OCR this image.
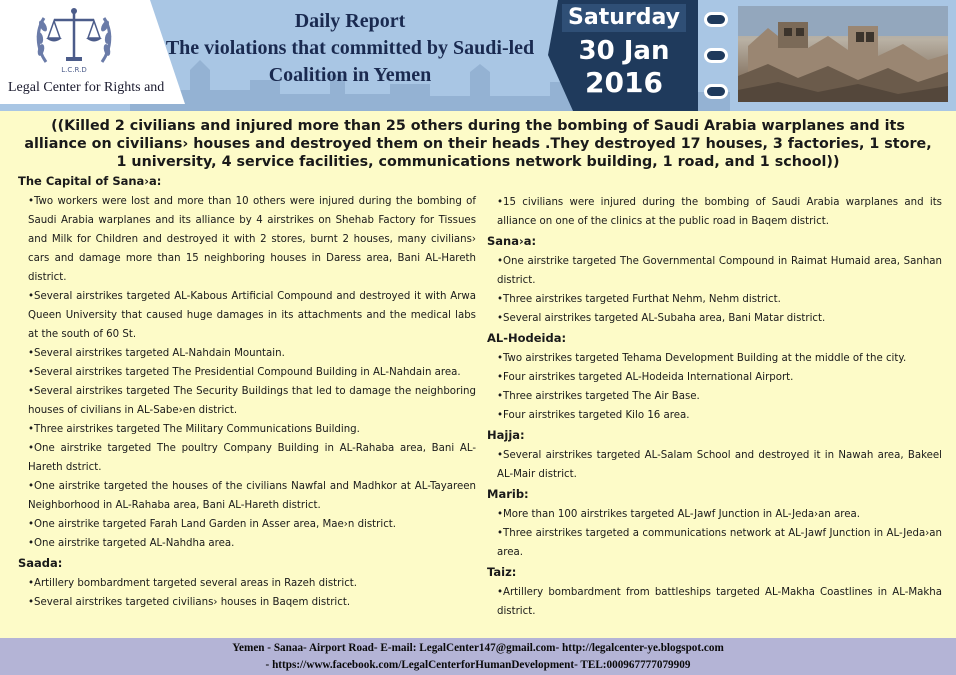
L.C.R.D
Legal Center for Rights and
Daily Report
The violations that committed by Saudi-led
Coalition in Yemen
Saturday
30 Jan
2016
((Killed 2 civilians and injured more than 25 others during the bombing of Saudi Arabia warplanes and its alliance on civilians› houses and destroyed them on their heads .They destroyed 17 houses, 3 factories, 1 store, 1 university, 4 service facilities, communications network building, 1 road, and 1 school))
The Capital of Sana›a:

•Two workers were lost and more than 10 others were injured during the bombing of Saudi Arabia warplanes and its alliance by 4 airstrikes on Shehab Factory for Tissues and Milk for Children and destroyed it with 2 stores, burnt 2 houses, many civilians› cars and damage more than 15 neighboring houses in Daress area, Bani AL-Hareth district.

•Several airstrikes targeted AL-Kabous Artificial Compound and destroyed it with Arwa Queen University that caused huge damages in its attachments and the medical labs at the south of 60 St.

•Several airstrikes targeted AL-Nahdain Mountain.

•Several airstrikes targeted The Presidential Compound Building in AL-Nahdain area.

•Several airstrikes targeted The Security Buildings that led to damage the neighboring houses of civilians in AL-Sabe›en district.

•Three airstrikes targeted The Military Communications Building.

•One airstrike targeted The poultry Company Building in AL-Rahaba area, Bani AL-Hareth dstrict.

•One airstrike targeted the houses of the civilians Nawfal and Madhkor at AL-Tayareen Neighborhood in AL-Rahaba area, Bani AL-Hareth district.

•One airstrike targeted Farah Land Garden in Asser area, Mae›n district.

•One airstrike targeted AL-Nahdha area.

Saada:

•Artillery bombardment targeted several areas in Razeh district.

•Several airstrikes targeted civilians› houses in Baqem district.

•15 civilians were injured during the bombing of Saudi Arabia warplanes and its alliance on one of the clinics at the public road in Baqem district.

Sana›a:

•One airstrike targeted The Governmental Compound in Raimat Humaid area, Sanhan district.

•Three airstrikes targeted Furthat Nehm, Nehm district.

•Several airstrikes targeted AL-Subaha area, Bani Matar district.

AL-Hodeida:

•Two airstrikes targeted Tehama Development Building at the middle of the city.

•Four airstrikes targeted AL-Hodeida International Airport.

•Three airstrikes targeted The Air Base.

•Four airstrikes targeted Kilo 16 area.

Hajja:

•Several airstrikes targeted AL-Salam School and destroyed it in Nawah area, Bakeel AL-Mair district.

Marib:

•More than 100 airstrikes targeted AL-Jawf Junction in AL-Jeda›an area.

•Three airstrikes targeted a communications network at AL-Jawf Junction in AL-Jeda›an area.

Taiz:

•Artillery bombardment from battleships targeted AL-Makha Coastlines in AL-Makha district.

Yemen - Sanaa- Airport Road- E-mail: LegalCenter147@gmail.com- http://legalcenter-ye.blogspot.com
- https://www.facebook.com/LegalCenterforHumanDevelopment- TEL:00096777707990​9
